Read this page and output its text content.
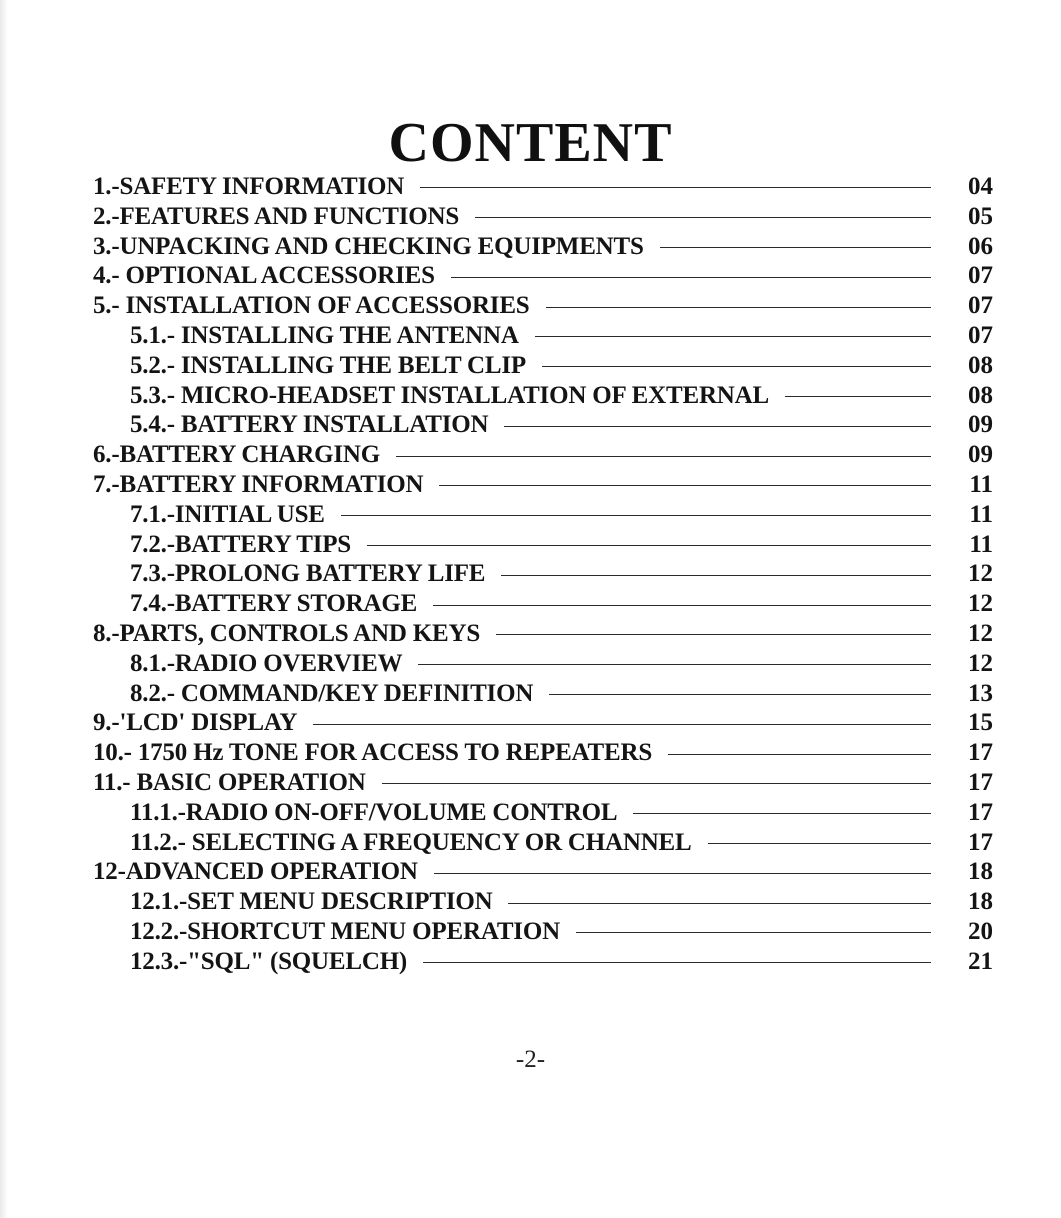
CONTENT
1.-SAFETY INFORMATION	04
2.-FEATURES AND FUNCTIONS	05
3.-UNPACKING AND CHECKING EQUIPMENTS	06
4.- OPTIONAL ACCESSORIES	07
5.- INSTALLATION OF ACCESSORIES	07
5.1.- INSTALLING THE ANTENNA	07
5.2.- INSTALLING THE BELT CLIP	08
5.3.- MICRO-HEADSET INSTALLATION OF EXTERNAL	08
5.4.- BATTERY INSTALLATION	09
6.-BATTERY CHARGING	09
7.-BATTERY INFORMATION	11
7.1.-INITIAL USE	11
7.2.-BATTERY TIPS	11
7.3.-PROLONG BATTERY LIFE	12
7.4.-BATTERY STORAGE	12
8.-PARTS, CONTROLS AND KEYS	12
8.1.-RADIO OVERVIEW	12
8.2.- COMMAND/KEY DEFINITION	13
9.-'LCD' DISPLAY	15
10.- 1750 Hz TONE FOR ACCESS TO REPEATERS	17
11.- BASIC OPERATION	17
11.1.-RADIO ON-OFF/VOLUME CONTROL	17
11.2.- SELECTING A FREQUENCY OR CHANNEL	17
12-ADVANCED OPERATION	18
12.1.-SET MENU DESCRIPTION	18
12.2.-SHORTCUT MENU OPERATION	20
12.3.-"SQL" (SQUELCH)	21
-2-
